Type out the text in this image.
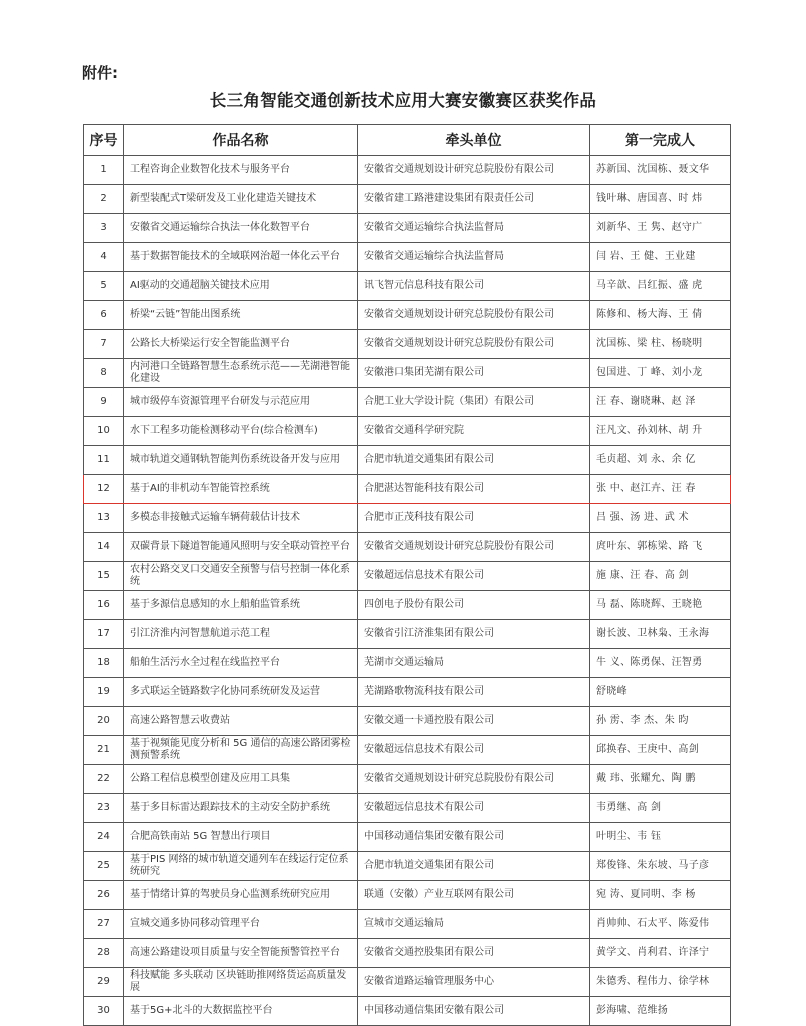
附件:
长三角智能交通创新技术应用大赛安徽赛区获奖作品
序号	作品名称	牵头单位	第一完成人
1	工程咨询企业数智化技术与服务平台	安徽省交通规划设计研究总院股份有限公司	苏新国、沈国栋、聂文华
2	新型装配式T梁研发及工业化建造关键技术	安徽省建工路港建设集团有限责任公司	钱叶琳、唐国喜、时 炜
3	安徽省交通运输综合执法一体化数智平台	安徽省交通运输综合执法监督局	刘新华、王 隽、赵守广
4	基于数据智能技术的全域联网治超一体化云平台	安徽省交通运输综合执法监督局	闫 岩、王 健、王业建
5	AI驱动的交通超脑关键技术应用	讯飞智元信息科技有限公司	马辛歆、吕红振、盛 虎
6	桥梁“云链”智能出图系统	安徽省交通规划设计研究总院股份有限公司	陈修和、杨大海、王 倩
7	公路长大桥梁运行安全智能监测平台	安徽省交通规划设计研究总院股份有限公司	沈国栋、梁 柱、杨晓明
8	内河港口全链路智慧生态系统示范——芜湖港智能化建设	安徽港口集团芜湖有限公司	包国进、丁 峰、刘小龙
9	城市级停车资源管理平台研发与示范应用	合肥工业大学设计院（集团）有限公司	汪 春、谢晓琳、赵 泽
10	水下工程多功能检测移动平台(综合检测车)	安徽省交通科学研究院	汪凡文、孙刘林、胡 升
11	城市轨道交通钢轨智能判伤系统设备开发与应用	合肥市轨道交通集团有限公司	毛贞超、刘 永、余 亿
12	基于AI的非机动车智能管控系统	合肥湛达智能科技有限公司	张 中、赵江卉、汪 春
13	多模态非接触式运输车辆荷载估计技术	合肥市正茂科技有限公司	吕 强、汤 进、武 术
14	双碳背景下隧道智能通风照明与安全联动管控平台	安徽省交通规划设计研究总院股份有限公司	庹叶东、郭栋梁、路 飞
15	农村公路交叉口交通安全预警与信号控制一体化系统	安徽超远信息技术有限公司	施 康、汪 春、高 剑
16	基于多源信息感知的水上船舶监管系统	四创电子股份有限公司	马 磊、陈晓辉、王晓艳
17	引江济淮内河智慧航道示范工程	安徽省引江济淮集团有限公司	谢长波、卫林枭、王永海
18	船舶生活污水全过程在线监控平台	芜湖市交通运输局	牛 义、陈勇保、汪智勇
19	多式联运全链路数字化协同系统研发及运营	芜湖路歌物流科技有限公司	舒晓峰
20	高速公路智慧云收费站	安徽交通一卡通控股有限公司	孙 雳、李 杰、朱 昀
21	基于视频能见度分析和 5G 通信的高速公路团雾检测预警系统	安徽超远信息技术有限公司	邱换春、王庚中、高剑
22	公路工程信息模型创建及应用工具集	安徽省交通规划设计研究总院股份有限公司	戴 玮、张耀允、陶 鹏
23	基于多目标雷达跟踪技术的主动安全防护系统	安徽超远信息技术有限公司	韦勇继、高 剑
24	合肥高铁南站 5G 智慧出行项目	中国移动通信集团安徽有限公司	叶明尘、韦 钰
25	基于PIS 网络的城市轨道交通列车在线运行定位系统研究	合肥市轨道交通集团有限公司	郑俊锋、朱东坡、马子彦
26	基于情绪计算的驾驶员身心监测系统研究应用	联通（安徽）产业互联网有限公司	宛 涛、夏同明、李 杨
27	宣城交通多协同移动管理平台	宣城市交通运输局	肖帅帅、石太平、陈爱伟
28	高速公路建设项目质量与安全智能预警管控平台	安徽省交通控股集团有限公司	黄学文、肖利君、许泽宁
29	科技赋能 多头联动 区块链助推网络货运高质量发展	安徽省道路运输管理服务中心	朱德秀、程伟力、徐学林
30	基于5G+北斗的大数据监控平台	中国移动通信集团安徽有限公司	彭海啸、范维扬
